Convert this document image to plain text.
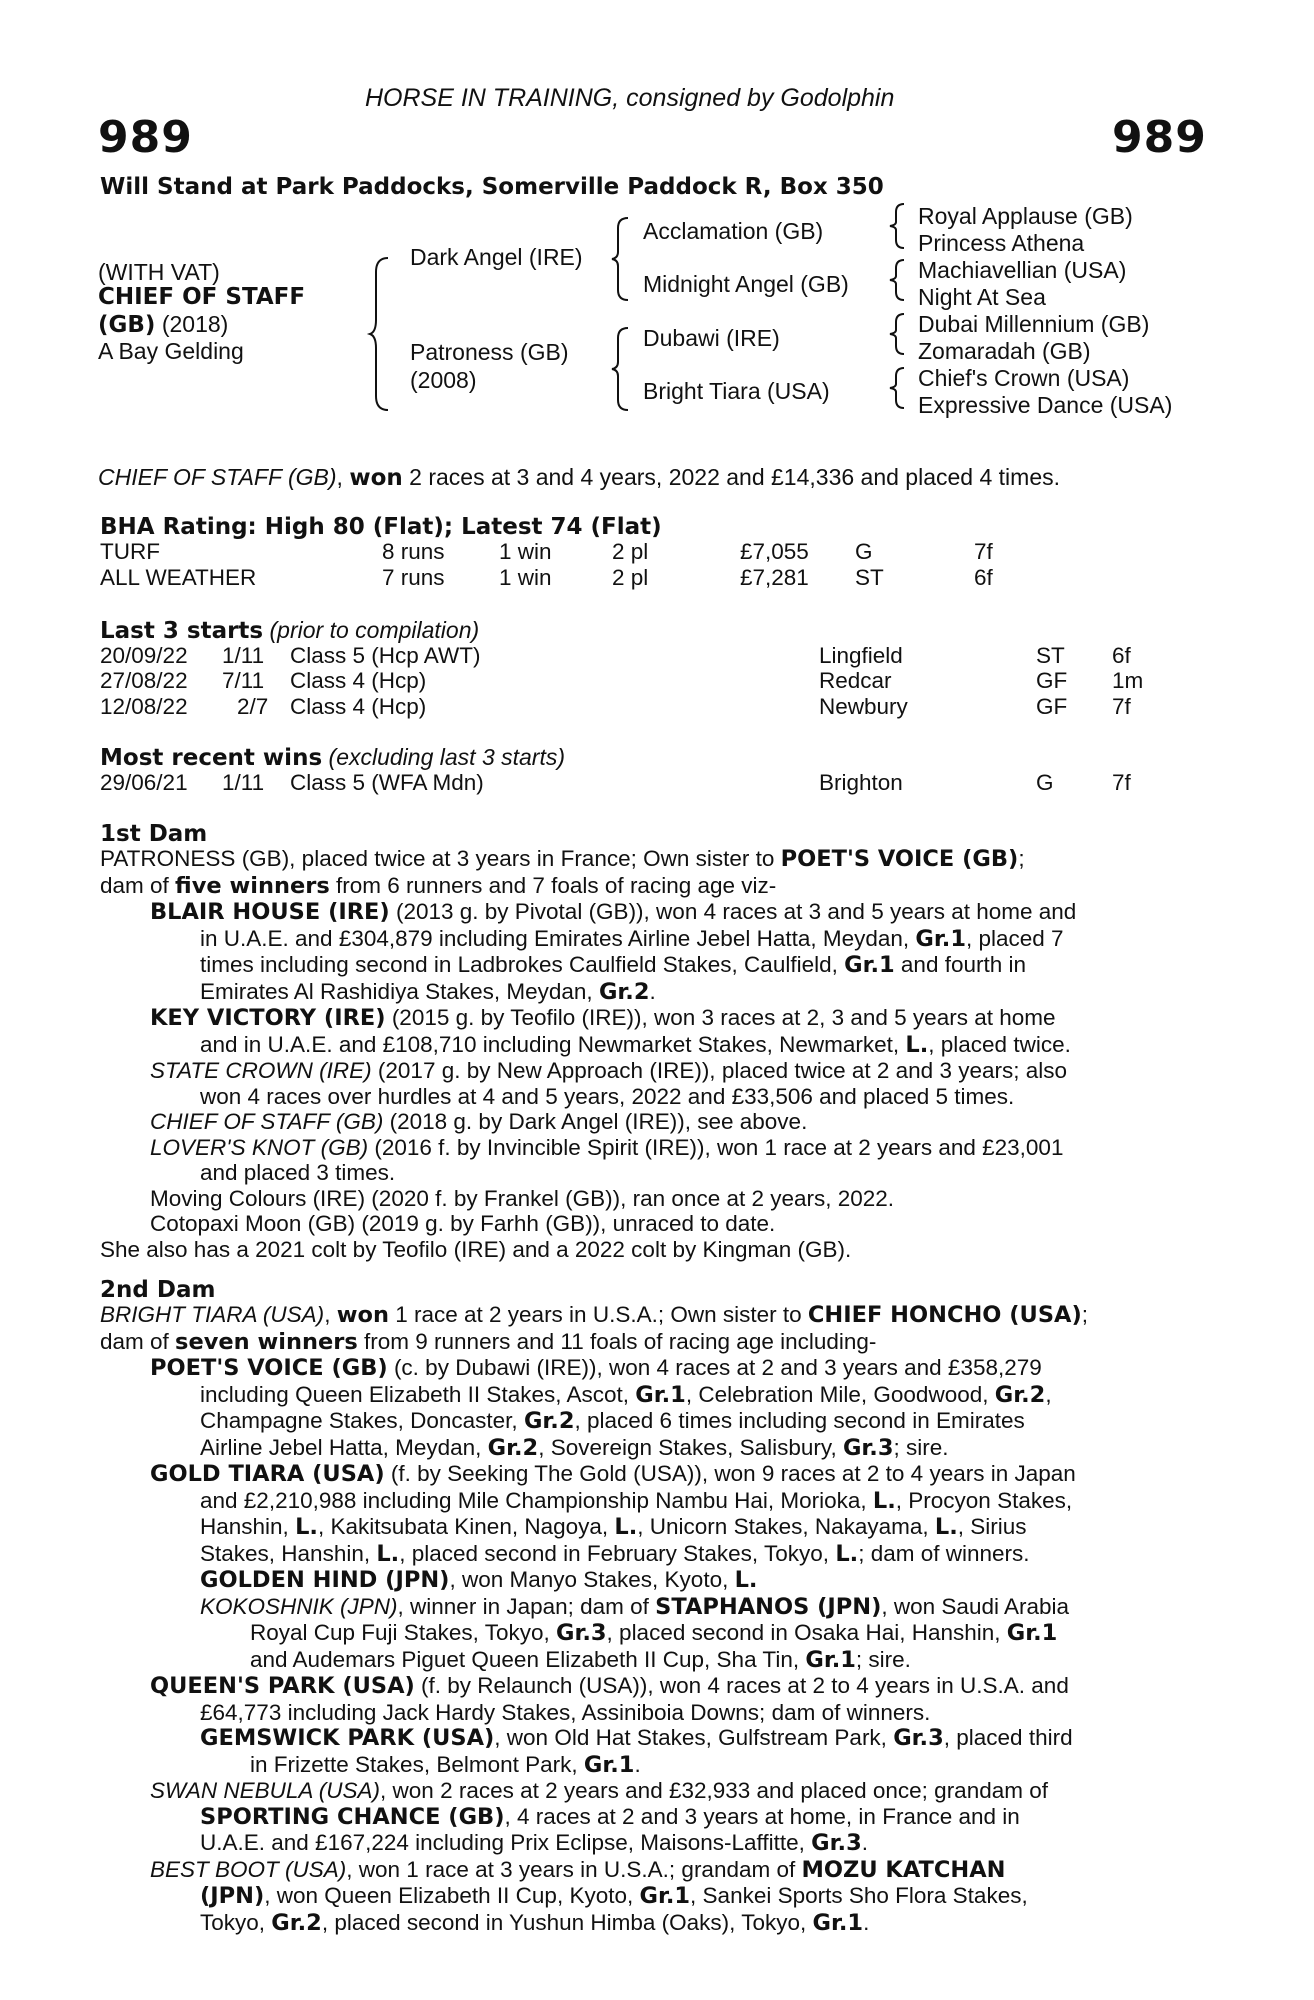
HORSE IN TRAINING, consigned by Godolphin
989	989
Will Stand at Park Paddocks, Somerville Paddock R, Box 350
(WITH VAT)
CHIEF OF STAFF
(GB) (2018)
A Bay Gelding
Dark Angel (IRE)
Patroness (GB)
(2008)
Acclamation (GB)
Midnight Angel (GB)
Dubawi (IRE)
Bright Tiara (USA)
Royal Applause (GB)
Princess Athena
Machiavellian (USA)
Night At Sea
Dubai Millennium (GB)
Zomaradah (GB)
Chief's Crown (USA)
Expressive Dance (USA)
CHIEF OF STAFF (GB), won 2 races at 3 and 4 years, 2022 and £14,336 and placed 4 times.
BHA Rating: High 80 (Flat); Latest 74 (Flat)
TURF	8 runs 1 win	2 pl	£7,055 G	7f
ALL WEATHER	7 runs 1 win	2 pl	£7,281 ST	6f
Last 3 starts (prior to compilation)
20/09/22 1/11 Class 5 (Hcp AWT)	Lingfield	ST 6f
27/08/22 7/11 Class 4 (Hcp)	Redcar	GF 1m
12/08/22 2/7 Class 4 (Hcp)	Newbury	GF 7f
Most recent wins (excluding last 3 starts)
29/06/21 1/11 Class 5 (WFA Mdn)	Brighton	G	7f
1st Dam
PATRONESS (GB), placed twice at 3 years in France; Own sister to POET'S VOICE (GB);
dam of five winners from 6 runners and 7 foals of racing age viz-
BLAIR HOUSE (IRE) (2013 g. by Pivotal (GB)), won 4 races at 3 and 5 years at home and
in U.A.E. and £304,879 including Emirates Airline Jebel Hatta, Meydan, Gr.1, placed 7
times including second in Ladbrokes Caulfield Stakes, Caulfield, Gr.1 and fourth in
Emirates Al Rashidiya Stakes, Meydan, Gr.2.
KEY VICTORY (IRE) (2015 g. by Teofilo (IRE)), won 3 races at 2, 3 and 5 years at home
and in U.A.E. and £108,710 including Newmarket Stakes, Newmarket, L., placed twice.
STATE CROWN (IRE) (2017 g. by New Approach (IRE)), placed twice at 2 and 3 years; also
won 4 races over hurdles at 4 and 5 years, 2022 and £33,506 and placed 5 times.
CHIEF OF STAFF (GB) (2018 g. by Dark Angel (IRE)), see above.
LOVER'S KNOT (GB) (2016 f. by Invincible Spirit (IRE)), won 1 race at 2 years and £23,001
and placed 3 times.
Moving Colours (IRE) (2020 f. by Frankel (GB)), ran once at 2 years, 2022.
Cotopaxi Moon (GB) (2019 g. by Farhh (GB)), unraced to date.
She also has a 2021 colt by Teofilo (IRE) and a 2022 colt by Kingman (GB).
2nd Dam
BRIGHT TIARA (USA), won 1 race at 2 years in U.S.A.; Own sister to CHIEF HONCHO (USA);
dam of seven winners from 9 runners and 11 foals of racing age including-
POET'S VOICE (GB) (c. by Dubawi (IRE)), won 4 races at 2 and 3 years and £358,279
including Queen Elizabeth II Stakes, Ascot, Gr.1, Celebration Mile, Goodwood, Gr.2,
Champagne Stakes, Doncaster, Gr.2, placed 6 times including second in Emirates
Airline Jebel Hatta, Meydan, Gr.2, Sovereign Stakes, Salisbury, Gr.3; sire.
GOLD TIARA (USA) (f. by Seeking The Gold (USA)), won 9 races at 2 to 4 years in Japan
and £2,210,988 including Mile Championship Nambu Hai, Morioka, L., Procyon Stakes,
Hanshin, L., Kakitsubata Kinen, Nagoya, L., Unicorn Stakes, Nakayama, L., Sirius
Stakes, Hanshin, L., placed second in February Stakes, Tokyo, L.; dam of winners.
GOLDEN HIND (JPN), won Manyo Stakes, Kyoto, L.
KOKOSHNIK (JPN), winner in Japan; dam of STAPHANOS (JPN), won Saudi Arabia
Royal Cup Fuji Stakes, Tokyo, Gr.3, placed second in Osaka Hai, Hanshin, Gr.1
and Audemars Piguet Queen Elizabeth II Cup, Sha Tin, Gr.1; sire.
QUEEN'S PARK (USA) (f. by Relaunch (USA)), won 4 races at 2 to 4 years in U.S.A. and
£64,773 including Jack Hardy Stakes, Assiniboia Downs; dam of winners.
GEMSWICK PARK (USA), won Old Hat Stakes, Gulfstream Park, Gr.3, placed third
in Frizette Stakes, Belmont Park, Gr.1.
SWAN NEBULA (USA), won 2 races at 2 years and £32,933 and placed once; grandam of
SPORTING CHANCE (GB), 4 races at 2 and 3 years at home, in France and in
U.A.E. and £167,224 including Prix Eclipse, Maisons-Laffitte, Gr.3.
BEST BOOT (USA), won 1 race at 3 years in U.S.A.; grandam of MOZU KATCHAN
(JPN), won Queen Elizabeth II Cup, Kyoto, Gr.1, Sankei Sports Sho Flora Stakes,
Tokyo, Gr.2, placed second in Yushun Himba (Oaks), Tokyo, Gr.1.
